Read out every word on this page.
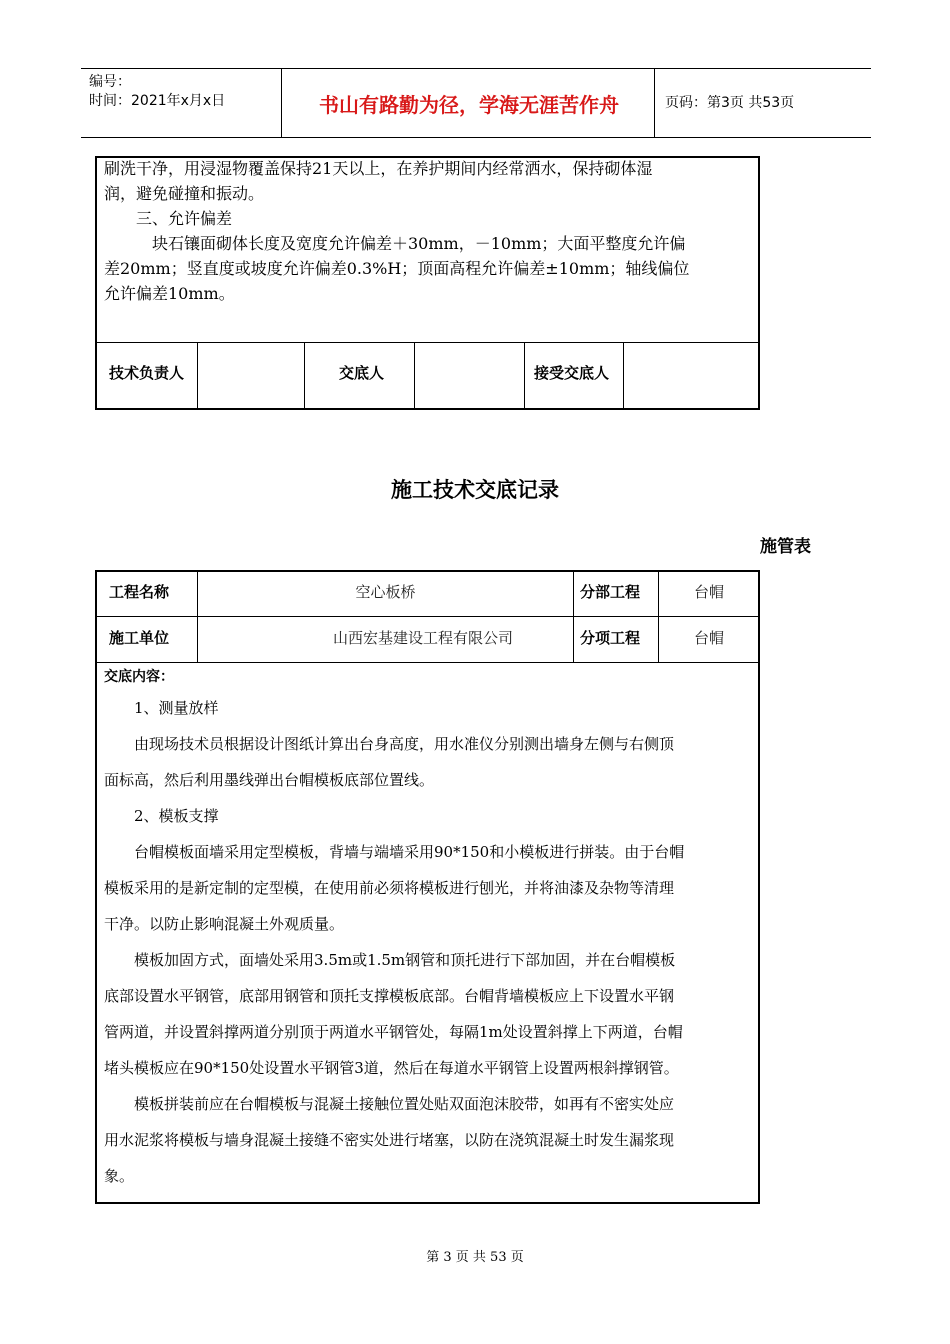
编号：
时间：2021年x月x日	书山有路勤为径，学海无涯苦作舟	页码：第3页 共53页

刷洗干净，用浸湿物覆盖保持21天以上，在养护期间内经常洒水，保持砌体湿

润，避免碰撞和振动。

　　三、允许偏差

　　　块石镶面砌体长度及宽度允许偏差＋30mm，－10mm；大面平整度允许偏

差20mm；竖直度或坡度允许偏差0.3%H；顶面高程允许偏差±10mm；轴线偏位

允许偏差10mm。

技术负责人	交底人	接受交底人
施工技术交底记录
施管表
工程名称	空心板桥	分部工程	台帽
施工单位	山西宏基建设工程有限公司	分项工程	台帽

交底内容：

　　1、测量放样

　　由现场技术员根据设计图纸计算出台身高度，用水准仪分别测出墙身左侧与右侧顶

面标高，然后利用墨线弹出台帽模板底部位置线。

　　2、模板支撑

　　台帽模板面墙采用定型模板，背墙与端墙采用90*150和小模板进行拼装。由于台帽

模板采用的是新定制的定型模，在使用前必须将模板进行刨光，并将油漆及杂物等清理

干净。以防止影响混凝土外观质量。

　　模板加固方式，面墙处采用3.5m或1.5m钢管和顶托进行下部加固，并在台帽模板

底部设置水平钢管，底部用钢管和顶托支撑模板底部。台帽背墙模板应上下设置水平钢

管两道，并设置斜撑两道分别顶于两道水平钢管处，每隔1m处设置斜撑上下两道，台帽

堵头模板应在90*150处设置水平钢管3道，然后在每道水平钢管上设置两根斜撑钢管。

　　模板拼装前应在台帽模板与混凝土接触位置处贴双面泡沫胶带，如再有不密实处应

用水泥浆将模板与墙身混凝土接缝不密实处进行堵塞，以防在浇筑混凝土时发生漏浆现

象。

第 3 页 共 53 页
